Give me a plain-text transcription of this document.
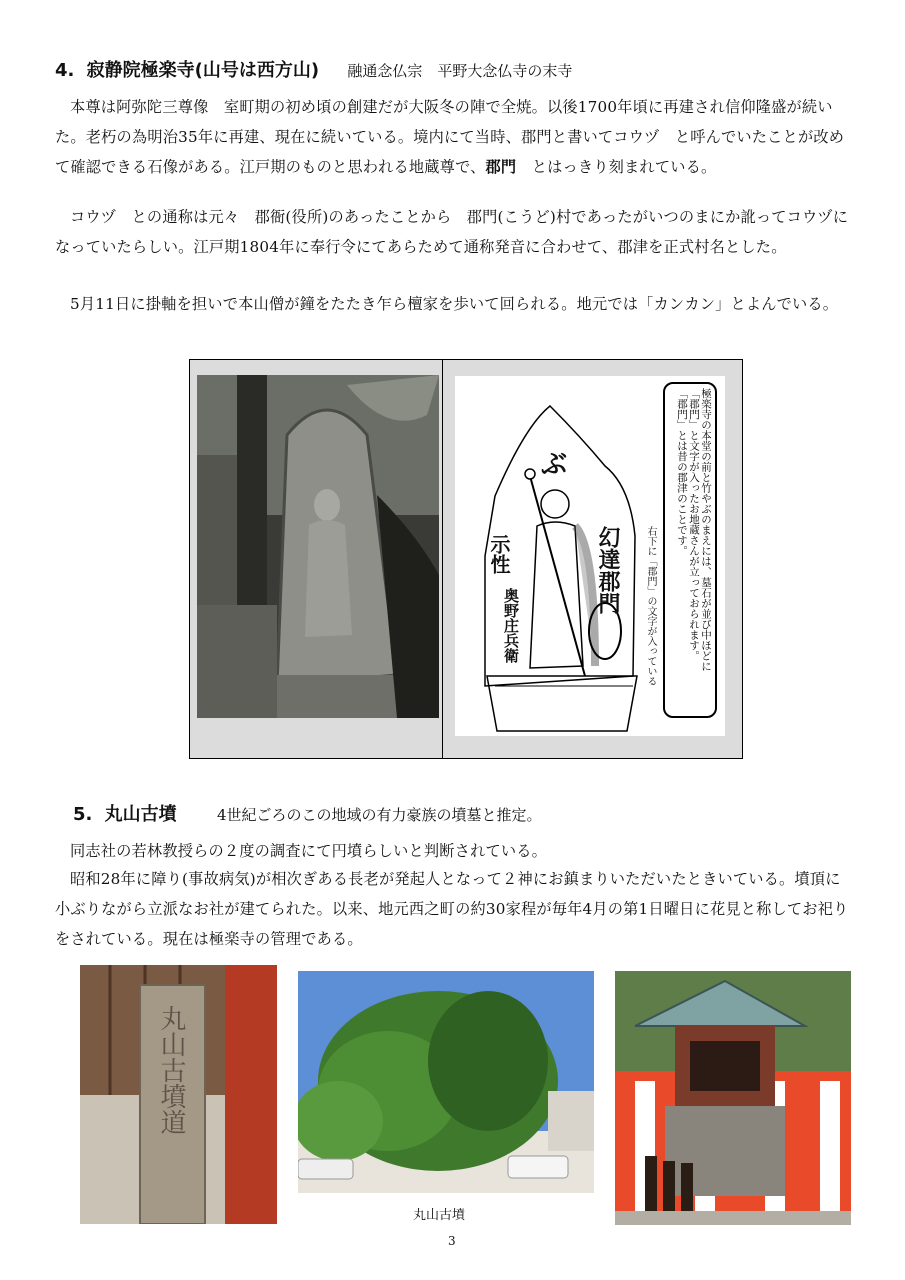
4. 寂静院極楽寺(山号は西方山) 融通念仏宗　平野大念仏寺の末寺

本尊は阿弥陀三尊像　室町期の初め頃の創建だが大阪冬の陣で全焼。以後1700年頃に再建され信仰隆盛が続いた。老朽の為明治35年に再建、現在に続いている。境内にて当時、郡門と書いてコウヅ　と呼んでいたことが改めて確認できる石像がある。江戸期のものと思われる地蔵尊で、郡門　とはっきり刻まれている。

コウヅ　との通称は元々　郡衙(役所)のあったことから　郡門(こうど)村であったがいつのまにか訛ってコウヅになっていたらしい。江戸期1804年に奉行令にてあらためて通称発音に合わせて、郡津を正式村名とした。

5月11日に掛軸を担いで本山僧が鐘をたたき乍ら檀家を歩いて回られる。地元では「カンカン」とよんでいる。

ぶ
幻達郡門
示性
奥野庄兵衛	極楽寺の本堂の前と竹やぶのまえには、墓石が並び中ほどに
「郡門」と文字が入ったお地蔵さんが立っておられます。
「郡門」とは昔の郡津のことです。
右下に「郡門」の文字が入っている
5. 丸山古墳	4世紀ごろのこの地域の有力豪族の墳墓と推定。

同志社の若林教授らの２度の調査にて円墳らしいと判断されている。

昭和28年に障り(事故病気)が相次ぎある長老が発起人となって２神にお鎮まりいただいたときいている。墳頂に小ぶりながら立派なお社が建てられた。以来、地元西之町の約30家程が毎年4月の第1日曜日に花見と称してお祀りをされている。現在は極楽寺の管理である。

丸山古墳道
丸山古墳
3
